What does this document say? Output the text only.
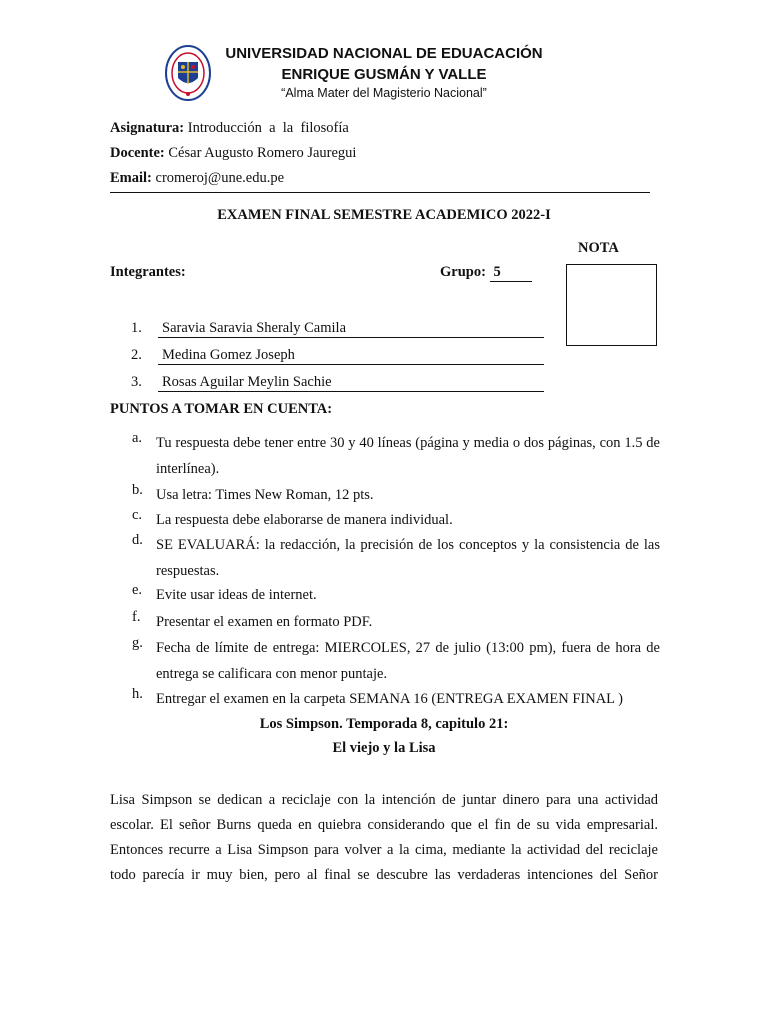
UNIVERSIDAD NACIONAL DE EDUACACIÓN
ENRIQUE GUSMÁN Y VALLE
“Alma Mater del Magisterio Nacional”
Asignatura: Introducción  a  la  filosofía
Docente: César Augusto Romero Jauregui
Email: cromeroj@une.edu.pe
EXAMEN FINAL SEMESTRE ACADEMICO 2022-I
NOTA
Integrantes:	Grupo: 5
1. Saravia Saravia Sheraly Camila
2. Medina Gomez Joseph
3. Rosas Aguilar Meylin Sachie
PUNTOS A TOMAR EN CUENTA:
a. Tu respuesta debe tener entre 30 y 40 líneas (página y media o dos páginas, con 1.5 de interlínea).
b. Usa letra: Times New Roman, 12 pts.
c. La respuesta debe elaborarse de manera individual.
d. SE EVALUARÁ: la redacción, la precisión de los conceptos y la consistencia de las respuestas.
e. Evite usar ideas de internet.
f. Presentar el examen en formato PDF.
g. Fecha de límite de entrega: MIERCOLES, 27 de julio (13:00 pm), fuera de hora de entrega se calificara con menor puntaje.
h. Entregar el examen en la carpeta SEMANA 16 (ENTREGA EXAMEN FINAL )
Los Simpson. Temporada 8, capitulo 21:
El viejo y la Lisa
Lisa Simpson se dedican a reciclaje con la intención de juntar dinero para una actividad
escolar. El señor Burns queda en quiebra considerando que el fin de su vida empresarial.
Entonces recurre a Lisa Simpson para volver a la cima, mediante la actividad del reciclaje
todo parecía ir muy bien, pero al final se descubre las verdaderas intenciones del Señor
